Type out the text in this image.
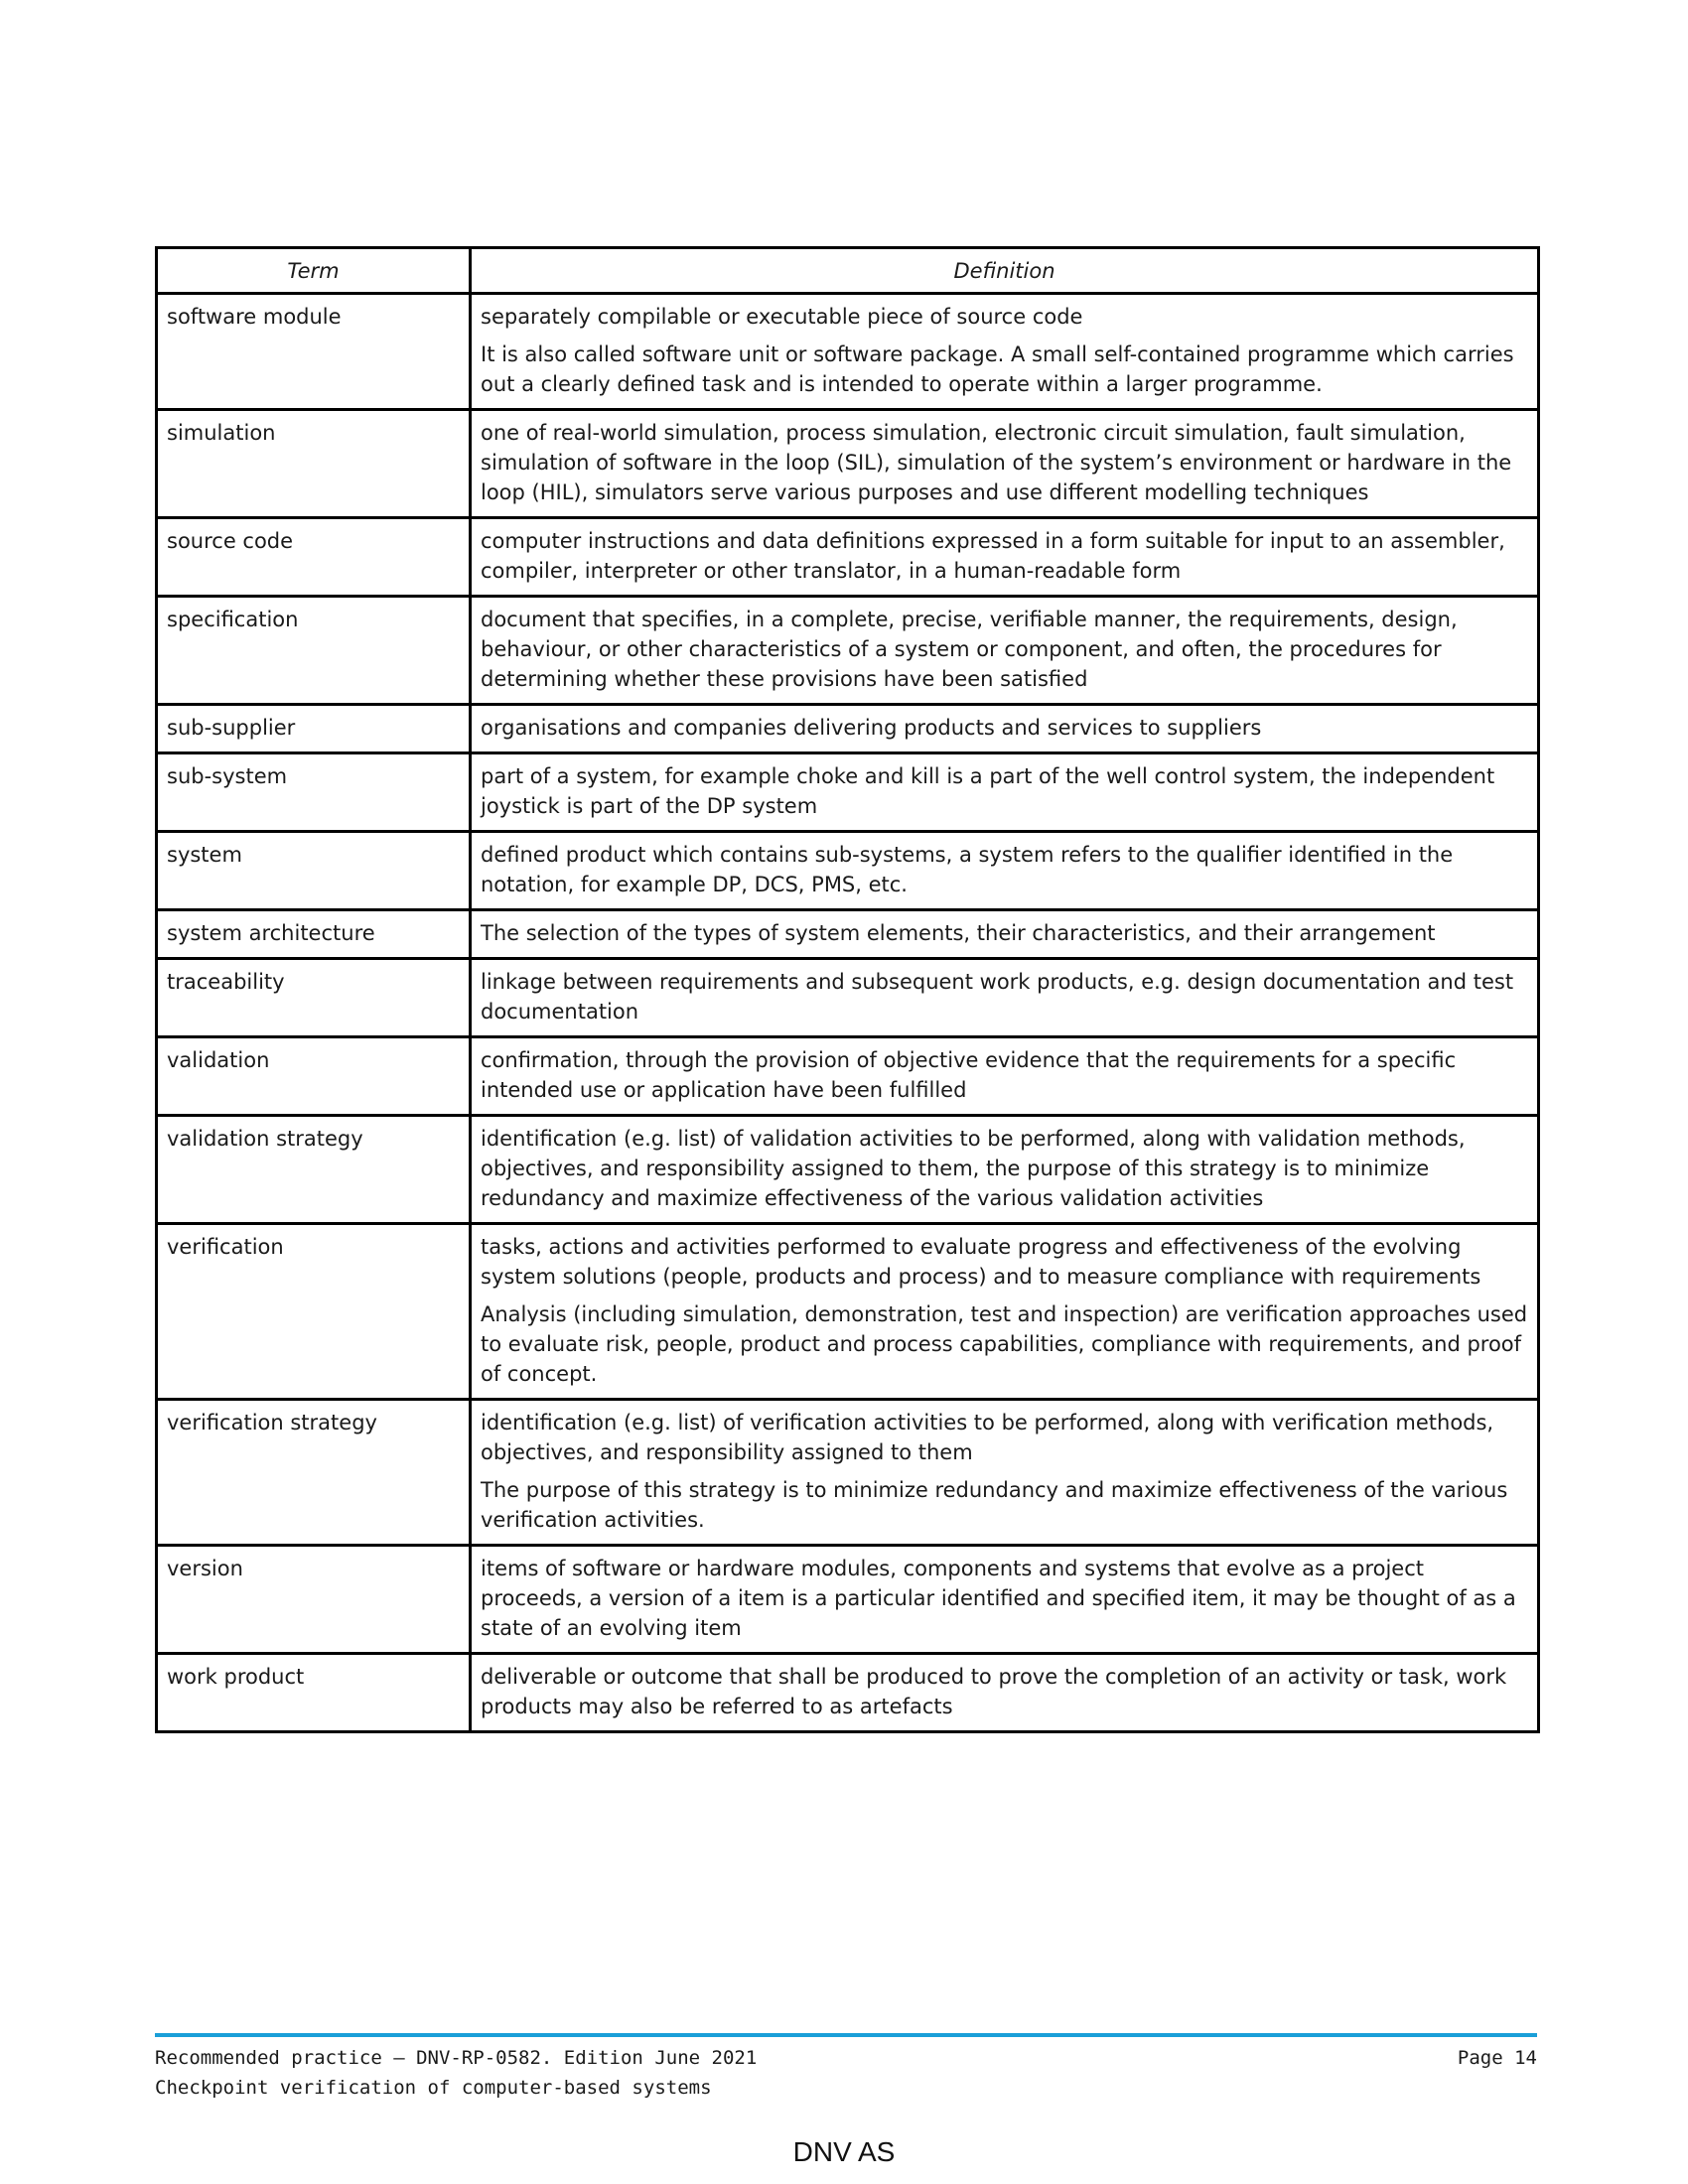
Term	Definition
software module	separately compilable or executable piece of source code

It is also called software unit or software package. A small self-contained programme which carries out a clearly defined task and is intended to operate within a larger programme.

simulation	one of real-world simulation, process simulation, electronic circuit simulation, fault simulation, simulation of software in the loop (SIL), simulation of the system’s environment or hardware in the loop (HIL), simulators serve various purposes and use different modelling techniques

source code	computer instructions and data definitions expressed in a form suitable for input to an assembler, compiler, interpreter or other translator, in a human-readable form

specification	document that specifies, in a complete, precise, verifiable manner, the requirements, design, behaviour, or other characteristics of a system or component, and often, the procedures for determining whether these provisions have been satisfied

sub-supplier	organisations and companies delivering products and services to suppliers

sub-system	part of a system, for example choke and kill is a part of the well control system, the independent joystick is part of the DP system

system	defined product which contains sub-systems, a system refers to the qualifier identified in the notation, for example DP, DCS, PMS, etc.

system architecture	The selection of the types of system elements, their characteristics, and their arrangement

traceability	linkage between requirements and subsequent work products, e.g. design documentation and test documentation

validation	confirmation, through the provision of objective evidence that the requirements for a specific intended use or application have been fulfilled

validation strategy	identification (e.g. list) of validation activities to be performed, along with validation methods, objectives, and responsibility assigned to them, the purpose of this strategy is to minimize redundancy and maximize effectiveness of the various validation activities

verification	tasks, actions and activities performed to evaluate progress and effectiveness of the evolving system solutions (people, products and process) and to measure compliance with requirements

Analysis (including simulation, demonstration, test and inspection) are verification approaches used to evaluate risk, people, product and process capabilities, compliance with requirements, and proof of concept.

verification strategy	identification (e.g. list) of verification activities to be performed, along with verification methods, objectives, and responsibility assigned to them

The purpose of this strategy is to minimize redundancy and maximize effectiveness of the various verification activities.

version	items of software or hardware modules, components and systems that evolve as a project proceeds, a version of a item is a particular identified and specified item, it may be thought of as a state of an evolving item

work product	deliverable or outcome that shall be produced to prove the completion of an activity or task, work products may also be referred to as artefacts

Recommended practice — DNV-RP-0582. Edition June 2021
Checkpoint verification of computer-based systems
Page 14
DNV AS
